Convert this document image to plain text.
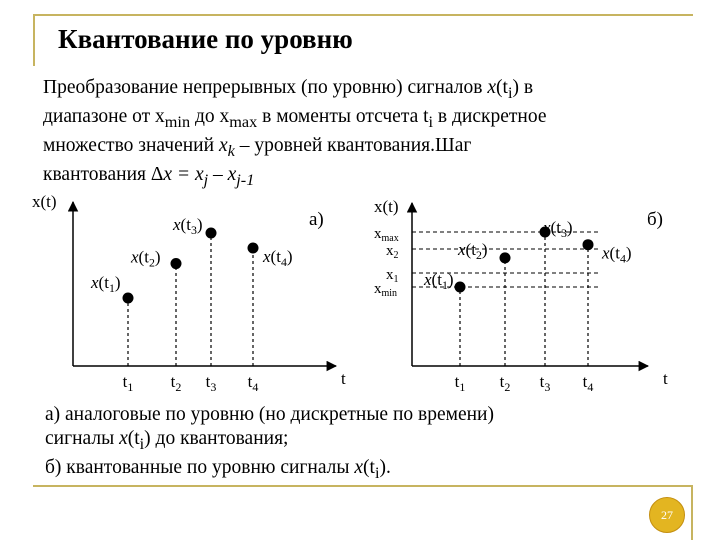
Квантование по уровню
Преобразование непрерывных (по уровню) сигналов $x(t_i)$ в
диапазоне от $x_{min}$ до $x_{max}$ в моменты отсчета $t_i$ в дискретное
множество значений $x_k$ – уровней квантования.Шаг
квантования $\Delta x = x_j - x_{j-1}$
x(t)
t
а)
$t_1$ $t_2$ $t_3$ $t_4$
$x(t_1)$
$x(t_2)$
$x(t_3)$
$x(t_4)$
x(t)
t
б)
$x_{max}$
$x_2$
$x_1$
$x_{min}$
$t_1$ $t_2$ $t_3$ $t_4$
$x(t_1)$
$x(t_2)$
$x(t_3)$
$x(t_4)$
а) аналоговые по уровню (но дискретные по времени)
сигналы $x(t_i)$ до квантования;
б) квантованные по уровню сигналы $x(t_i)$.
27
